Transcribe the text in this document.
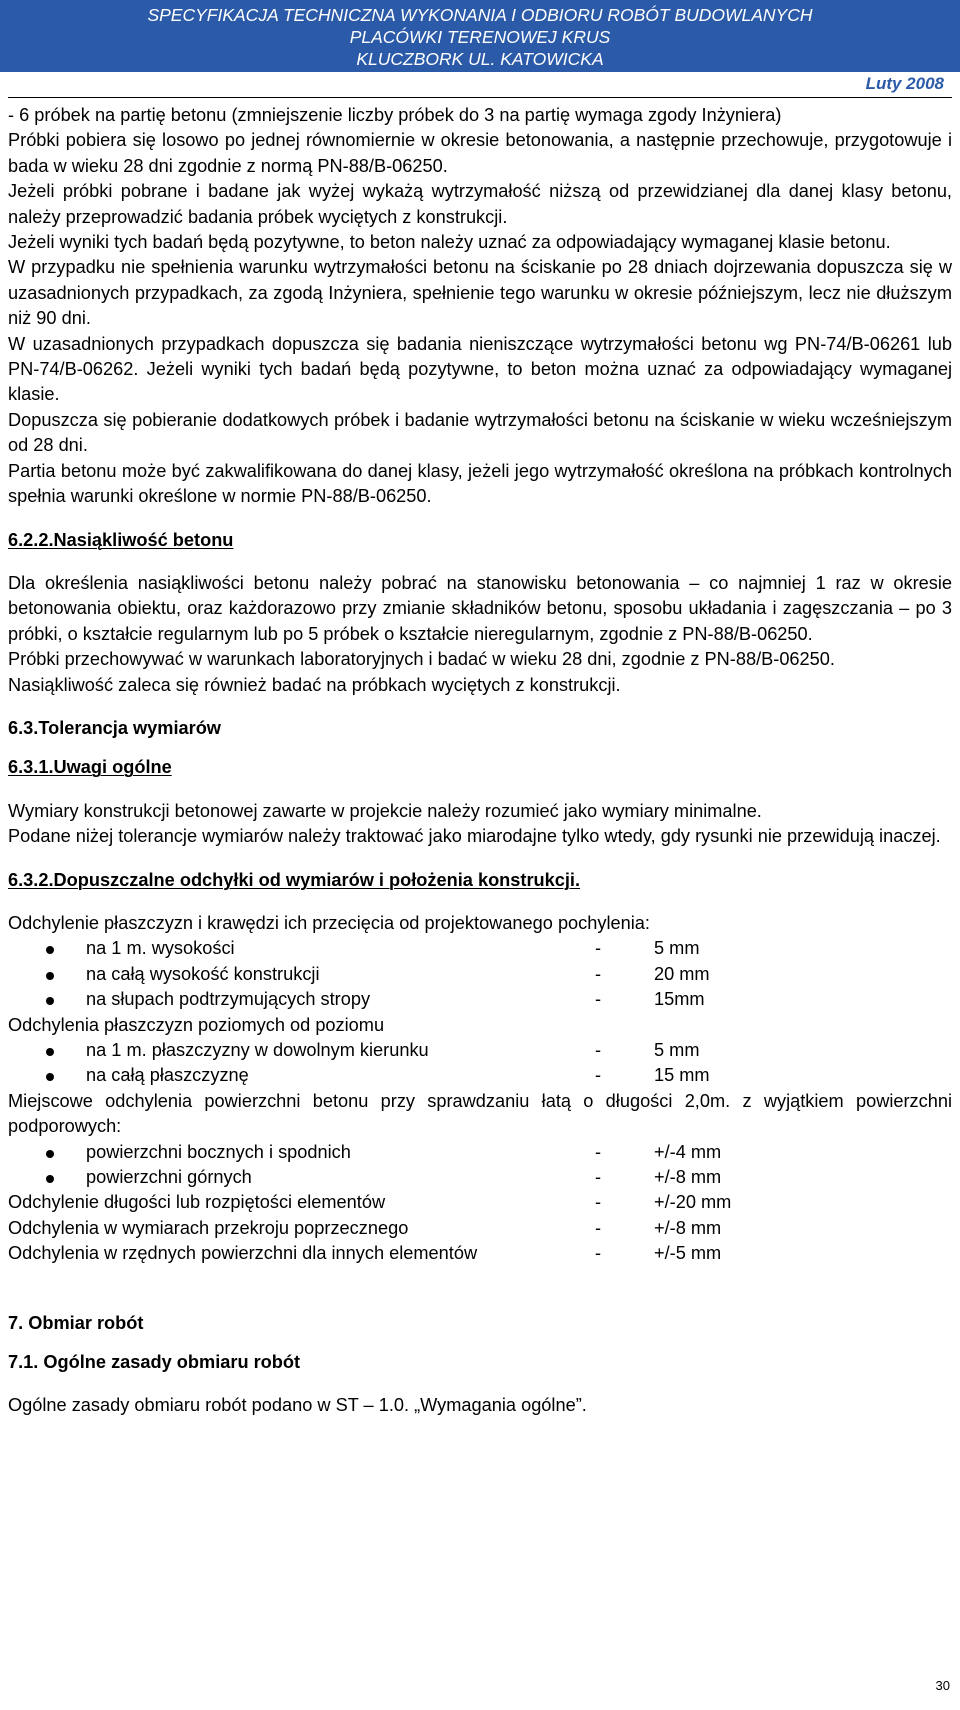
SPECYFIKACJA TECHNICZNA WYKONANIA I ODBIORU ROBÓT BUDOWLANYCH
PLACÓWKI TERENOWEJ KRUS
KLUCZBORK UL. KATOWICKA
Luty 2008

- 6 próbek na partię betonu (zmniejszenie liczby próbek do 3 na partię wymaga zgody Inżyniera)

Próbki pobiera się losowo po jednej równomiernie w okresie betonowania, a następnie przechowuje, przygotowuje i bada w wieku 28 dni zgodnie z normą PN-88/B-06250.

Jeżeli próbki pobrane i badane jak wyżej wykażą wytrzymałość niższą od przewidzianej dla danej klasy betonu, należy przeprowadzić badania próbek wyciętych z konstrukcji.

Jeżeli wyniki tych badań będą pozytywne, to beton należy uznać za odpowiadający wymaganej klasie betonu.

W przypadku nie spełnienia warunku wytrzymałości betonu na ściskanie po 28 dniach dojrzewania dopuszcza się w uzasadnionych przypadkach, za zgodą Inżyniera, spełnienie tego warunku w okresie późniejszym, lecz nie dłuższym niż 90 dni.

W uzasadnionych przypadkach dopuszcza się badania nieniszczące wytrzymałości betonu wg PN-74/B-06261 lub PN-74/B-06262. Jeżeli wyniki tych badań będą pozytywne, to beton można uznać za odpowiadający wymaganej klasie.

Dopuszcza się pobieranie dodatkowych próbek i badanie wytrzymałości betonu na ściskanie w wieku wcześniejszym od 28 dni.

Partia betonu może być zakwalifikowana do danej klasy, jeżeli jego wytrzymałość określona na próbkach kontrolnych spełnia warunki określone w normie PN-88/B-06250.

6.2.2.Nasiąkliwość betonu

Dla określenia nasiąkliwości betonu należy pobrać na stanowisku betonowania – co najmniej 1 raz w okresie betonowania obiektu, oraz każdorazowo przy zmianie składników betonu, sposobu układania i zagęszczania – po 3 próbki, o kształcie regularnym lub po 5 próbek o kształcie nieregularnym, zgodnie z PN-88/B-06250.

Próbki przechowywać w warunkach laboratoryjnych i badać w wieku 28 dni, zgodnie z PN-88/B-06250.

Nasiąkliwość zaleca się również badać na próbkach wyciętych z konstrukcji.

6.3.Tolerancja wymiarów
6.3.1.Uwagi ogólne

Wymiary konstrukcji betonowej zawarte w projekcie należy rozumieć jako wymiary minimalne.

Podane niżej tolerancje wymiarów należy traktować jako miarodajne tylko wtedy, gdy rysunki nie przewidują inaczej.

6.3.2.Dopuszczalne odchyłki od wymiarów i położenia konstrukcji.
Odchylenie płaszczyzn i krawędzi ich przecięcia od projektowanego pochylenia:
na 1 m. wysokości	-	5 mm
na całą wysokość konstrukcji	-	20 mm
na słupach podtrzymujących stropy	-	15mm
Odchylenia płaszczyzn poziomych od poziomu
na 1 m. płaszczyzny w dowolnym kierunku	-	5 mm
na całą płaszczyznę	-	15 mm

Miejscowe odchylenia powierzchni betonu przy sprawdzaniu łatą o długości 2,0m. z wyjątkiem powierzchni podporowych:

powierzchni bocznych i spodnich	-	+/-4 mm
powierzchni górnych	-	+/-8 mm
Odchylenie długości lub rozpiętości elementów	-	+/-20 mm
Odchylenia w wymiarach przekroju poprzecznego	-	+/-8 mm
Odchylenia w rzędnych powierzchni dla innych elementów	-	+/-5 mm
7. Obmiar robót
7.1. Ogólne zasady obmiaru robót

Ogólne zasady obmiaru robót podano w ST – 1.0. „Wymagania ogólne”.

30
